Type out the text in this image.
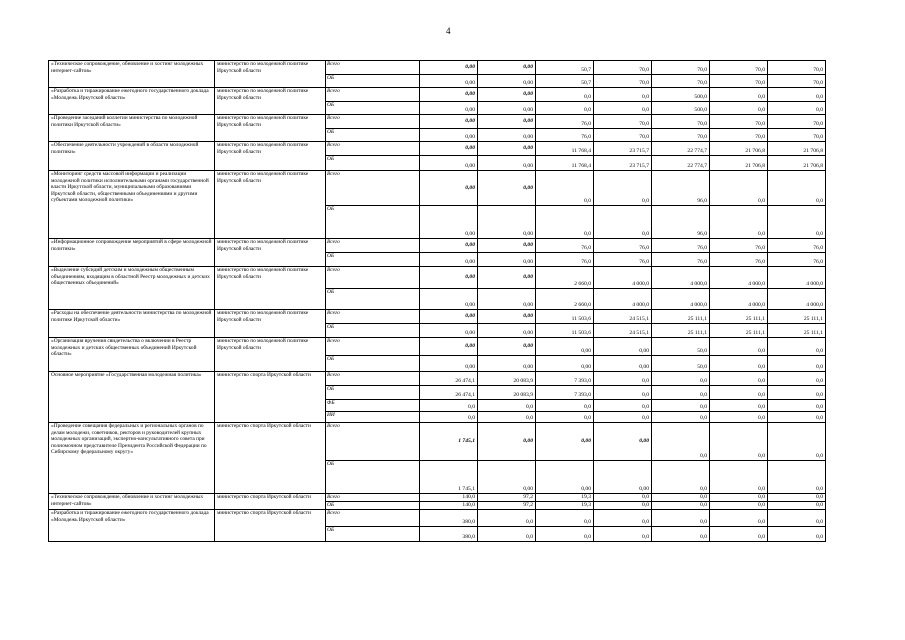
4
«Техническое сопровождение, обновление и хостинг молодежных интернет-сайтов»	министерство по молодежной политике Иркутской области	Всего	0,00	0,00	50,7	70,0	70,0	70,0	70,0
		ОБ	0,00	0,00	50,7	70,0	70,0	70,0	70,0
«Разработка и тиражирование ежегодного государственного доклада «Молодежь Иркутской области»	министерство по молодежной политике Иркутской области	Всего	0,00	0,00	0,0	0,0	500,0	0,0	0,0
		ОБ	0,00	0,00	0,0	0,0	500,0	0,0	0,0
«Проведение заседаний коллегии министерства по молодежной политики Иркутской области»	министерство по молодежной политике Иркутской области	Всего	0,00	0,00	76,0	70,0	70,0	70,0	70,0
		ОБ	0,00	0,00	76,0	70,0	70,0	70,0	70,0
«Обеспечение деятельности учреждений в области молодежной политики»	министерство по молодежной политике Иркутской области	Всего	0,00	0,00	11 768,4	23 715,7	22 774,7	21 706,8	21 706,8
		ОБ	0,00	0,00	11 768,4	23 715,7	22 774,7	21 706,8	21 706,8
«Мониторинг средств массовой информации и реализации молодежной политики исполнительными органами государственной власти Иркутской области, муниципальными образованиями Иркутской области, общественными объединениями и другими субъектами молодежной политики»	министерство по молодежной политике Иркутской области	Всего	0,00	0,00	0,0	0,0	96,0	0,0	0,0
		ОБ	0,00	0,00	0,0	0,0	96,0	0,0	0,0
«Информационное сопровождение мероприятий в сфере молодежной политики»	министерство по молодежной политике Иркутской области	Всего	0,00	0,00	76,0	76,0	76,0	76,0	76,0
		ОБ	0,00	0,00	76,0	76,0	76,0	76,0	76,0
«Выделение субсидий детским и молодежным общественным объединениям, входящим в областной Реестр молодежных и детских общественных объединений»	министерство по молодежной политике Иркутской области	Всего	0,00	0,00	2 660,0	4 000,0	4 000,0	4 000,0	4 000,0
		ОБ	0,00	0,00	2 660,0	4 000,0	4 000,0	4 000,0	4 000,0
«Расходы на обеспечение деятельности министерства по молодежной политике Иркутской области»	министерство по молодежной политике Иркутской области	Всего	0,00	0,00	11 503,6	24 515,1	25 111,1	25 111,1	25 111,1
		ОБ	0,00	0,00	11 503,6	24 515,1	25 111,1	25 111,1	25 111,1
«Организация вручения свидетельства о включении в Реестр молодежных и детских общественных объединений Иркутской области»	министерство по молодежной политике Иркутской области	Всего	0,00	0,00	0,00	0,00	50,0	0,0	0,0
		ОБ	0,00	0,00	0,00	0,00	50,0	0,0	0,0
Основное мероприятие «Государственная молодежная политика»	министерство спорта Иркутской области	Всего	26 474,1	20 083,9	7 393,0	0,0	0,0	0,0	0,0
		ОБ	26 474,1	20 083,9	7 393,0	0,0	0,0	0,0	0,0
		ФБ	0,0	0,0	0,0	0,0	0,0	0,0	0,0
		ИИ	0,0	0,0	0,0	0,0	0,0	0,0	0,0
«Проведение совещания федеральных и региональных органов по делам молодежи, советников, ректоров и руководителей крупных молодежных организаций, экспертно-консультативного совета при полномочном представителе Президента Российской Федерации по Сибирскому федеральному округу»	министерство спорта Иркутской области	Всего	1 745,1	0,00	0,00	0,00	0,0	0,0	0,0
		ОБ	1 745,1	0,00	0,00	0,00	0,0	0,0	0,0
«Техническое сопровождение, обновление и хостинг молодежных интернет-сайтов»	министерство спорта Иркутской области	Всего	140,0	97,2	19,3	0,0	0,0	0,0	0,0
		ОБ	140,0	97,2	19,3	0,0	0,0	0,0	0,0
«Разработка и тиражирование ежегодного государственного доклада «Молодежь Иркутской области»	министерство спорта Иркутской области	Всего	380,0	0,0	0,0	0,0	0,0	0,0	0,0
		ОБ	380,0	0,0	0,0	0,0	0,0	0,0	0,0
